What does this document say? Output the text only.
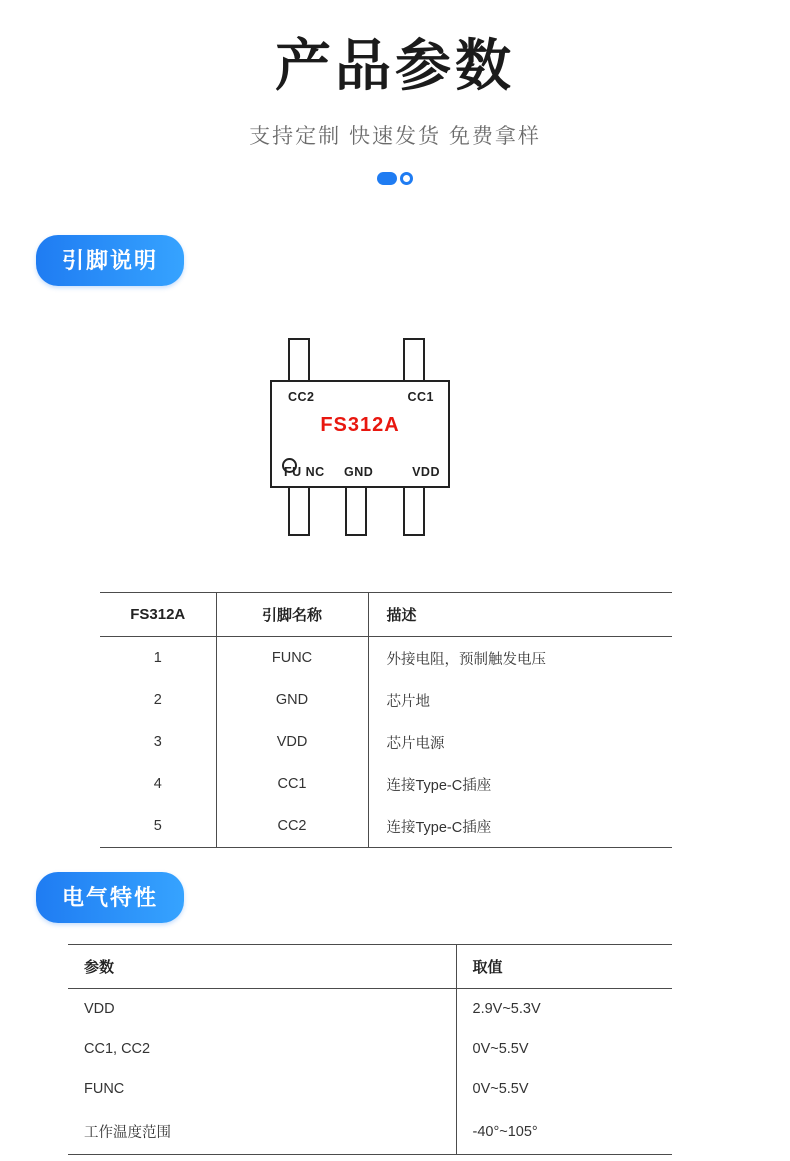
产品参数
支持定制 快速发货 免费拿样
引脚说明
FS312A
CC2	CC1
FU NC GND	VDD
FS312A	引脚名称	描述
1	FUNC	外接电阻，预制触发电压
2	GND	芯片地
3	VDD	芯片电源
4	CC1	连接Type-C插座
5	CC2	连接Type-C插座
电气特性
参数	取值
VDD	2.9V~5.3V
CC1, CC2	0V~5.5V
FUNC	0V~5.5V
工作温度范围	-40°~105°
